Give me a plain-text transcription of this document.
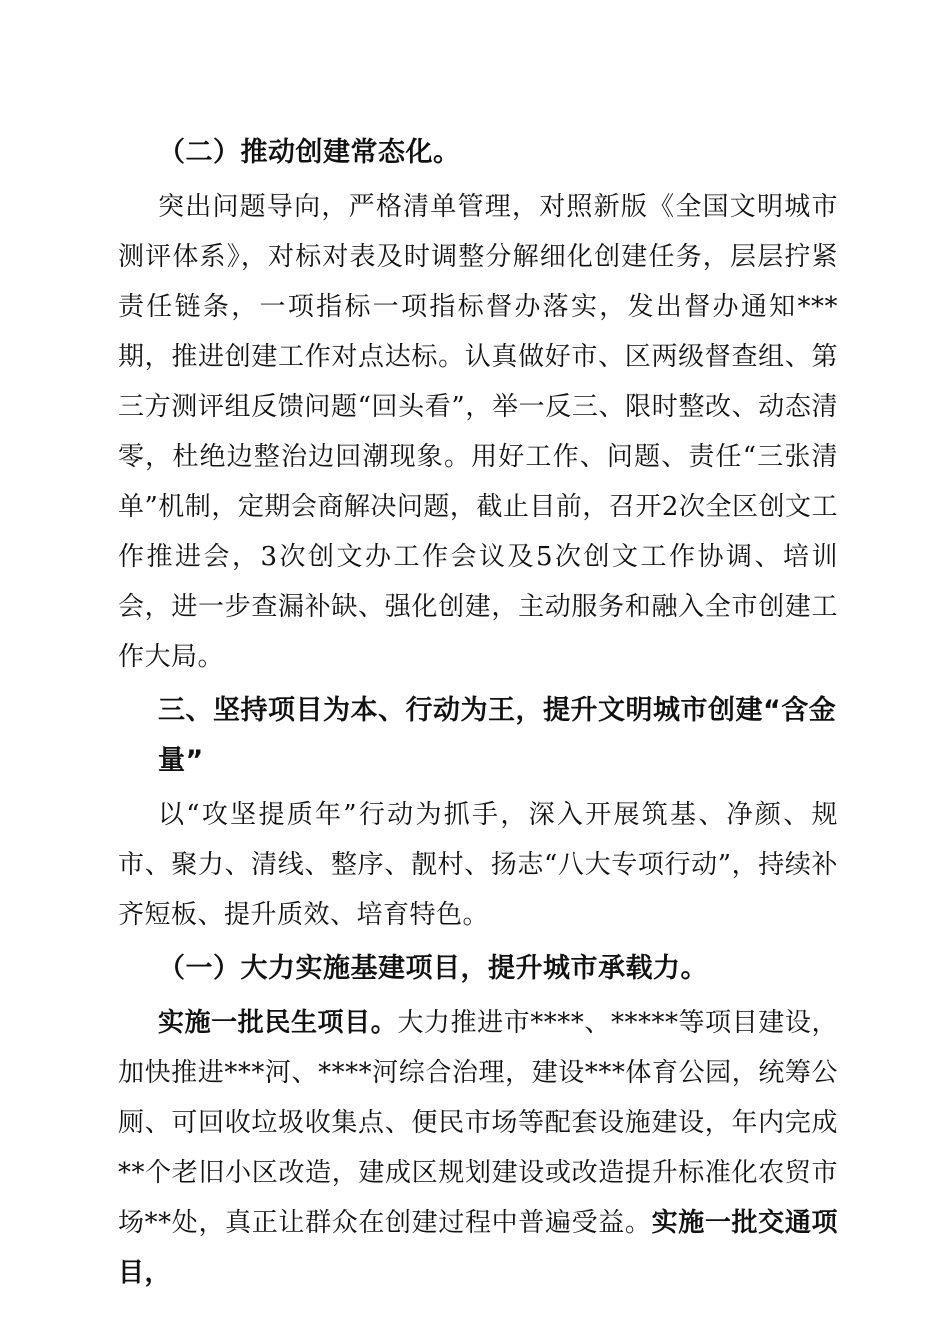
（二）推动创建常态化。

突出问题导向，严格清单管理，对照新版《全国文明城市测评体系》，对标对表及时调整分解细化创建任务，层层拧紧责任链条，一项指标一项指标督办落实，发出督办通知***期，推进创建工作对点达标。认真做好市、区两级督查组、第三方测评组反馈问题“回头看”，举一反三、限时整改、动态清零，杜绝边整治边回潮现象。用好工作、问题、责任“三张清单”机制，定期会商解决问题，截止目前，召开2次全区创文工作推进会，3次创文办工作会议及5次创文工作协调、培训会，进一步查漏补缺、强化创建，主动服务和融入全市创建工作大局。

三、坚持项目为本、行动为王，提升文明城市创建“含金量”

以“攻坚提质年”行动为抓手，深入开展筑基、净颜、规市、聚力、清线、整序、靓村、扬志“八大专项行动”，持续补齐短板、提升质效、培育特色。

（一）大力实施基建项目，提升城市承载力。

实施一批民生项目。大力推进市****、*****等项目建设，加快推进***河、****河综合治理，建设***体育公园，统筹公厕、可回收垃圾收集点、便民市场等配套设施建设，年内完成**个老旧小区改造，建成区规划建设或改造提升标准化农贸市场**处，真正让群众在创建过程中普遍受益。实施一批交通项目，
